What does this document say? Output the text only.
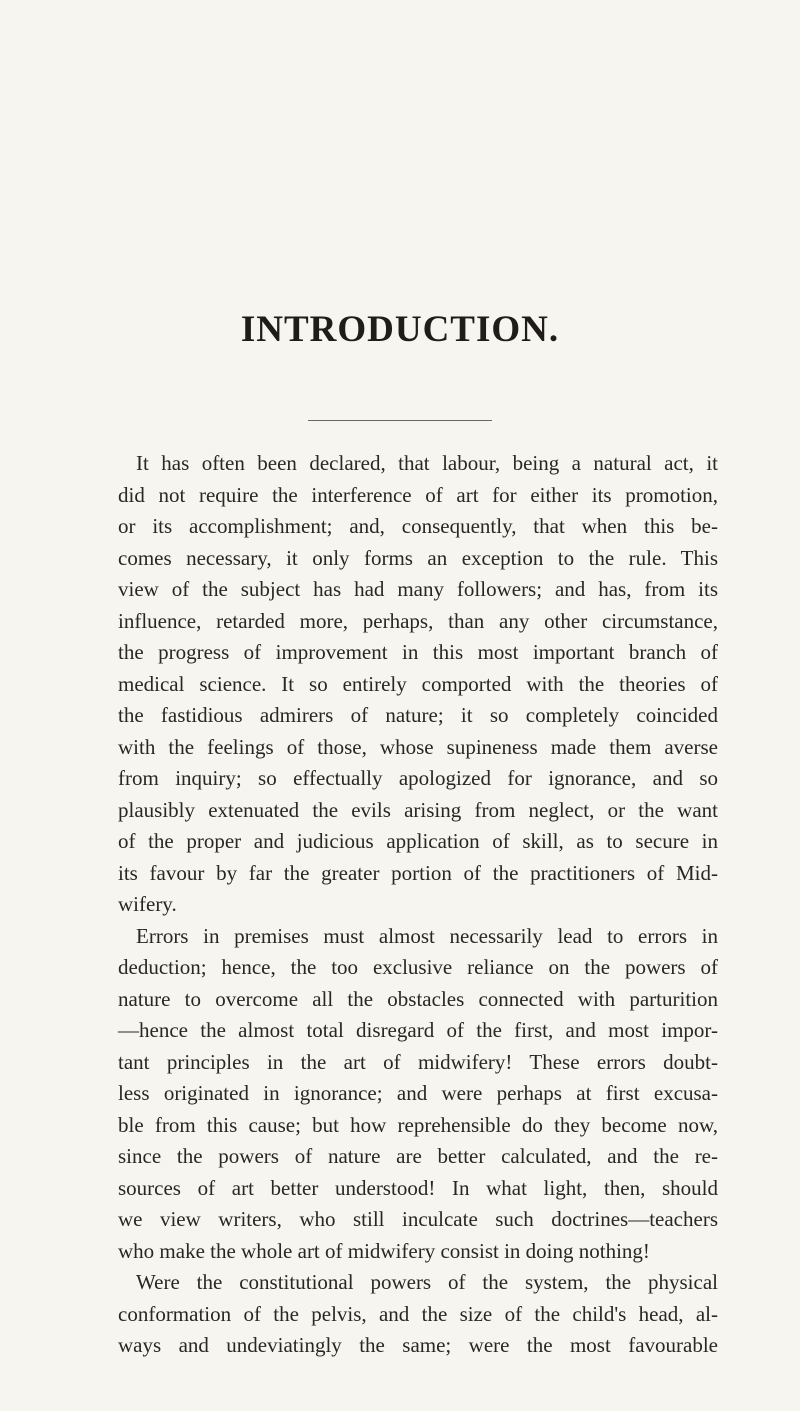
INTRODUCTION.
It has often been declared, that labour, being a natural act, it
did not require the interference of art for either its promotion,
or its accomplishment; and, consequently, that when this be-
comes necessary, it only forms an exception to the rule. This
view of the subject has had many followers; and has, from its
influence, retarded more, perhaps, than any other circumstance,
the progress of improvement in this most important branch of
medical science. It so entirely comported with the theories of
the fastidious admirers of nature; it so completely coincided
with the feelings of those, whose supineness made them averse
from inquiry; so effectually apologized for ignorance, and so
plausibly extenuated the evils arising from neglect, or the want
of the proper and judicious application of skill, as to secure in
its favour by far the greater portion of the practitioners of Mid-
wifery.
Errors in premises must almost necessarily lead to errors in
deduction; hence, the too exclusive reliance on the powers of
nature to overcome all the obstacles connected with parturition
—hence the almost total disregard of the first, and most impor-
tant principles in the art of midwifery! These errors doubt-
less originated in ignorance; and were perhaps at first excusa-
ble from this cause; but how reprehensible do they become now,
since the powers of nature are better calculated, and the re-
sources of art better understood! In what light, then, should
we view writers, who still inculcate such doctrines—teachers
who make the whole art of midwifery consist in doing nothing!
Were the constitutional powers of the system, the physical
conformation of the pelvis, and the size of the child's head, al-
ways and undeviatingly the same; were the most favourable
